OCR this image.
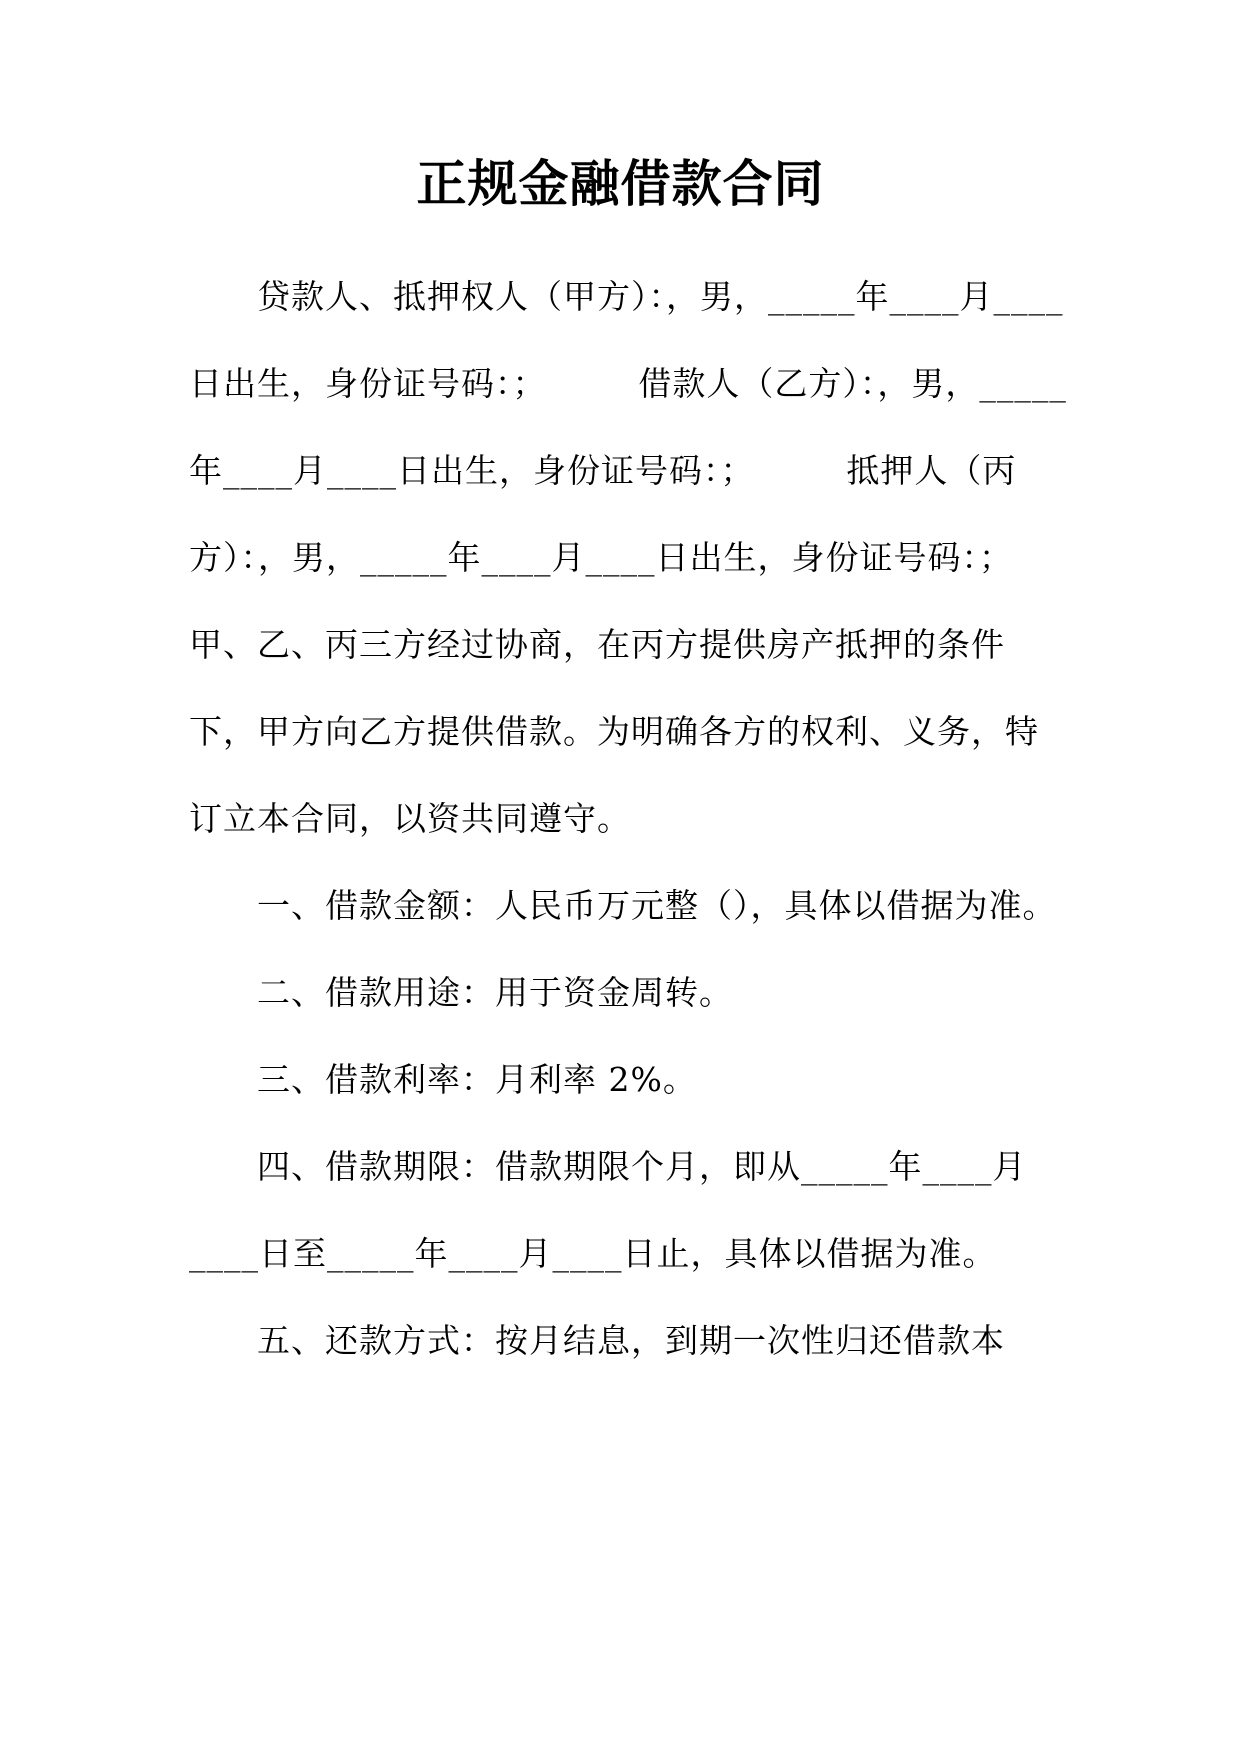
正规金融借款合同
贷款人、抵押权人（甲方）：，男，_____年____月____
日出生，身份证号码：；        借款人（乙方）：，男，_____
年____月____日出生，身份证号码：；        抵押人（丙
方）：，男，_____年____月____日出生，身份证号码：；
甲、乙、丙三方经过协商，在丙方提供房产抵押的条件
下，甲方向乙方提供借款。为明确各方的权利、义务，特
订立本合同，以资共同遵守。
一、借款金额：人民币万元整（），具体以借据为准。
二、借款用途：用于资金周转。
三、借款利率：月利率 2%。
四、借款期限：借款期限个月，即从_____年____月
____日至_____年____月____日止，具体以借据为准。
五、还款方式：按月结息，到期一次性归还借款本
